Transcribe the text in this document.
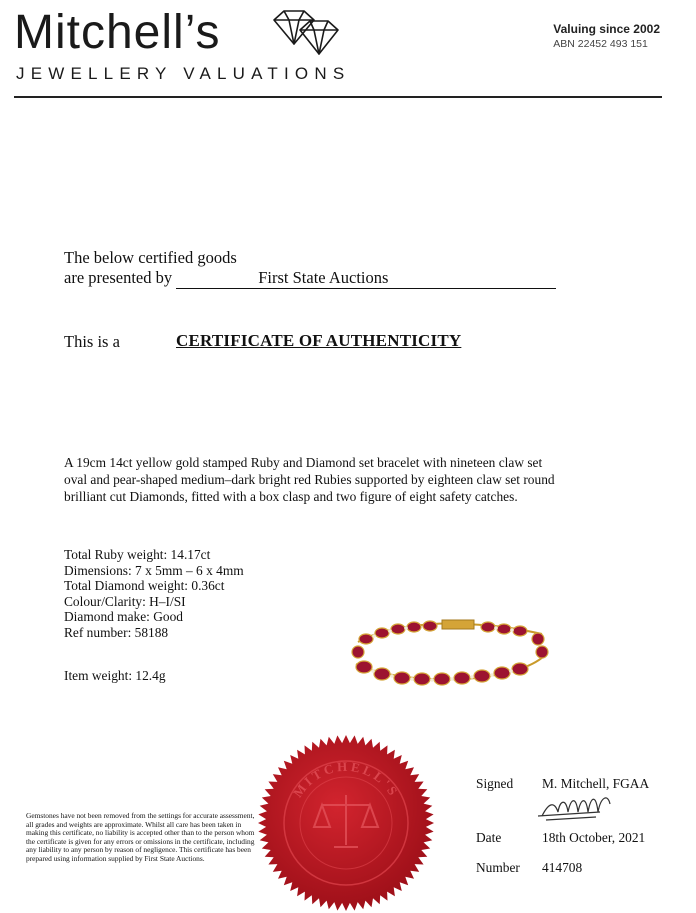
Mitchell’s
JEWELLERY VALUATIONS
Valuing since 2002
ABN 22452 493 151
The below certified goods
are presented by	First State Auctions
This is a	CERTIFICATE OF AUTHENTICITY
A 19cm 14ct yellow gold stamped Ruby and Diamond set bracelet with nineteen claw set oval and pear-shaped medium–dark bright red Rubies supported by eighteen claw set round brilliant cut Diamonds, fitted with a box clasp and two figure of eight safety catches.
Total Ruby weight: 14.17ct
Dimensions: 7 x 5mm – 6 x 4mm
Total Diamond weight: 0.36ct
Colour/Clarity: H–I/SI
Diamond make: Good
Ref number: 58188
Item weight: 12.4g
MITCHELL'S	Signed M. Mitchell, FGAA
Date	18th October, 2021
Number 414708
Gemstones have not been removed from the settings for accurate assessment, all grades and weights are approximate. Whilst all care has been taken in making this certificate, no liability is accepted other than to the person whom the certificate is given for any errors or omissions in the certificate, including any liability to any person by reason of negligence. This certificate has been prepared using information supplied by First State Auctions.
